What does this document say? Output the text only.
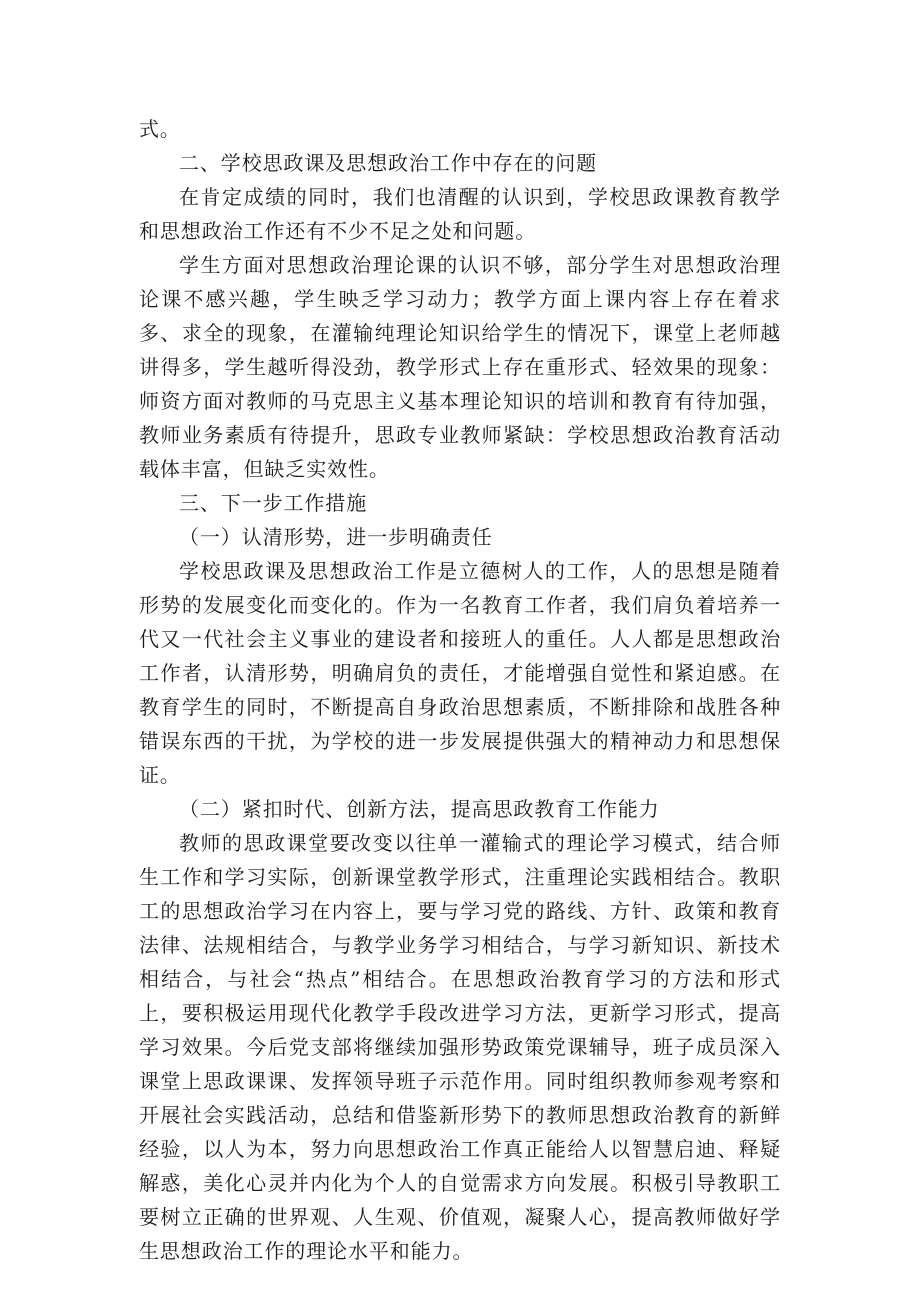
式。

二、学校思政课及思想政治工作中存在的问题

在肯定成绩的同时，我们也清醒的认识到，学校思政课教育教学和思想政治工作还有不少不足之处和问题。

学生方面对思想政治理论课的认识不够，部分学生对思想政治理论课不感兴趣，学生映乏学习动力；教学方面上课内容上存在着求多、求全的现象，在灌输纯理论知识给学生的情况下，课堂上老师越讲得多，学生越听得没劲，教学形式上存在重形式、轻效果的现象：师资方面对教师的马克思主义基本理论知识的培训和教育有待加强，教师业务素质有待提升，思政专业教师紧缺：学校思想政治教育活动载体丰富，但缺乏实效性。

三、下一步工作措施

（一）认清形势，进一步明确责任

学校思政课及思想政治工作是立德树人的工作，人的思想是随着形势的发展变化而变化的。作为一名教育工作者，我们肩负着培养一代又一代社会主义事业的建设者和接班人的重任。人人都是思想政治工作者，认清形势，明确肩负的责任，才能增强自觉性和紧迫感。在教育学生的同时，不断提高自身政治思想素质，不断排除和战胜各种错误东西的干扰，为学校的进一步发展提供强大的精神动力和思想保证。

（二）紧扣时代、创新方法，提高思政教育工作能力

教师的思政课堂要改变以往单一灌输式的理论学习模式，结合师生工作和学习实际，创新课堂教学形式，注重理论实践相结合。教职工的思想政治学习在内容上，要与学习党的路线、方针、政策和教育法律、法规相结合，与教学业务学习相结合，与学习新知识、新技术相结合，与社会“热点”相结合。在思想政治教育学习的方法和形式上，要积极运用现代化教学手段改进学习方法，更新学习形式，提高学习效果。今后党支部将继续加强形势政策党课辅导，班子成员深入课堂上思政课课、发挥领导班子示范作用。同时组织教师参观考察和开展社会实践活动，总结和借鉴新形势下的教师思想政治教育的新鲜经验，以人为本，努力向思想政治工作真正能给人以智慧启迪、释疑解惑，美化心灵并内化为个人的自觉需求方向发展。积极引导教职工要树立正确的世界观、人生观、价值观，凝聚人心，提高教师做好学生思想政治工作的理论水平和能力。
